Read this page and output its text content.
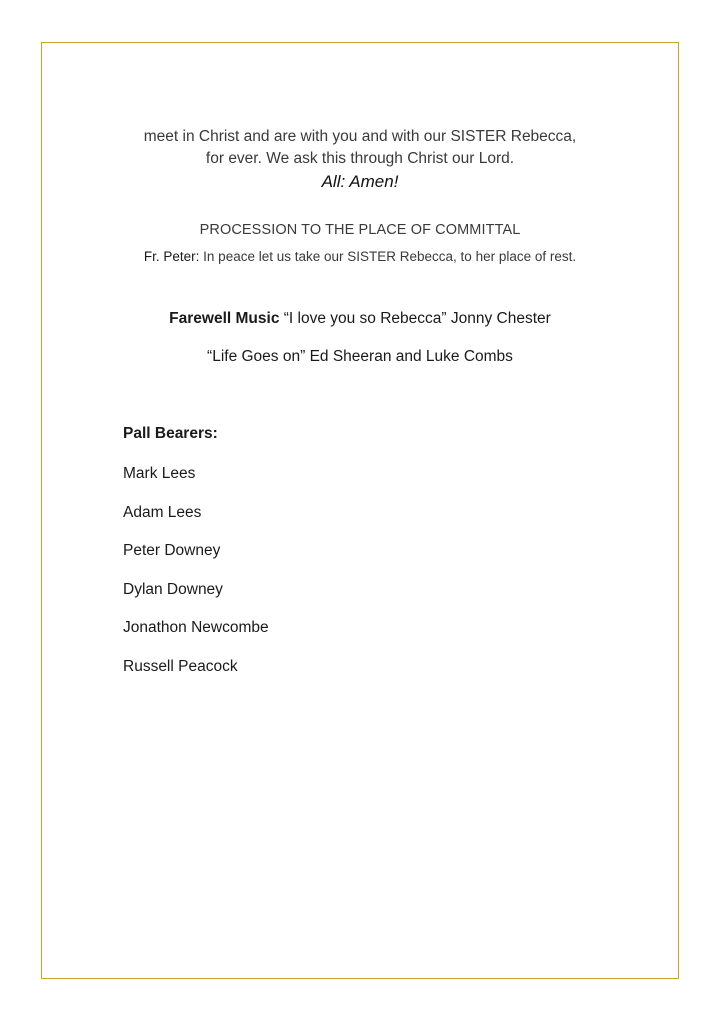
meet in Christ and are with you and with our SISTER Rebecca,
for ever. We ask this through Christ our Lord.
All: Amen!
PROCESSION TO THE PLACE OF COMMITTAL
Fr. Peter: In peace let us take our SISTER Rebecca, to her place of rest.
Farewell Music “I love you so Rebecca” Jonny Chester
“Life Goes on” Ed Sheeran and Luke Combs
Pall Bearers:
Mark Lees
Adam Lees
Peter Downey
Dylan Downey
Jonathon Newcombe
Russell Peacock
